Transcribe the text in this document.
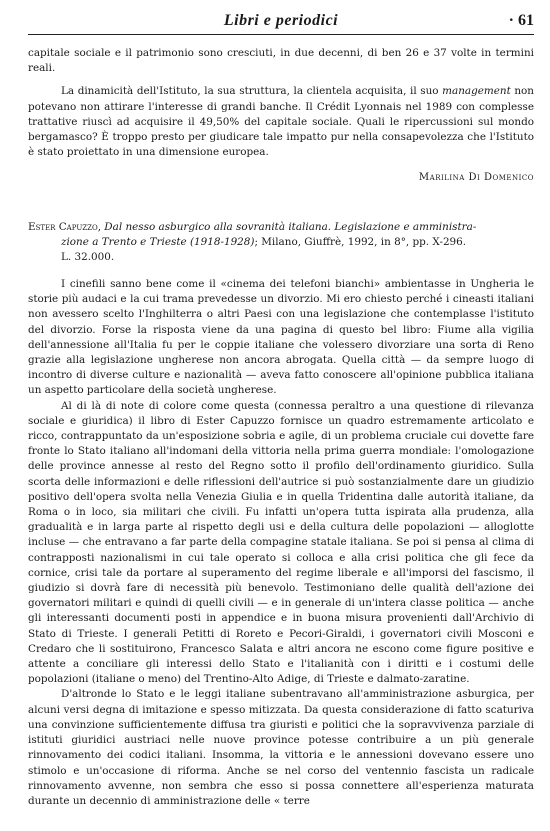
Libri e periodici	· 61

capitale sociale e il patrimonio sono cresciuti, in due decenni, di ben 26 e 37 volte in termini reali.

La dinamicità dell'Istituto, la sua struttura, la clientela acquisita, il suo management non potevano non attirare l'interesse di grandi banche. Il Crédit Lyonnais nel 1989 con complesse trattative riuscì ad acquisire il 49,50% del capitale sociale. Quali le ripercussioni sul mondo bergamasco? È troppo presto per giudicare tale impatto pur nella consapevolezza che l'Istituto è stato proiettato in una dimensione europea.

Marilina Di Domenico

Ester Capuzzo, Dal nesso asburgico alla sovranità italiana. Legislazione e amministra-
zione a Trento e Trieste (1918-1928); Milano, Giuffrè, 1992, in 8°, pp. X-296.
L. 32.000.

I cinefili sanno bene come il «cinema dei telefoni bianchi» ambientasse in Ungheria le storie più audaci e la cui trama prevedesse un divorzio. Mi ero chiesto perché i cineasti italiani non avessero scelto l'Inghilterra o altri Paesi con una legislazione che contemplasse l'istituto del divorzio. Forse la risposta viene da una pagina di questo bel libro: Fiume alla vigilia dell'annessione all'Italia fu per le coppie italiane che volessero divorziare una sorta di Reno grazie alla legislazione ungherese non ancora abrogata. Quella città — da sempre luogo di incontro di diverse culture e nazionalità — aveva fatto conoscere all'opinione pubblica italiana un aspetto particolare della società ungherese.

Al di là di note di colore come questa (connessa peraltro a una questione di rilevanza sociale e giuridica) il libro di Ester Capuzzo fornisce un quadro estremamente articolato e ricco, contrappuntato da un'esposizione sobria e agile, di un problema cruciale cui dovette fare fronte lo Stato italiano all'indomani della vittoria nella prima guerra mondiale: l'omologazione delle province annesse al resto del Regno sotto il profilo dell'ordinamento giuridico. Sulla scorta delle informazioni e delle riflessioni dell'autrice si può sostanzialmente dare un giudizio positivo dell'opera svolta nella Venezia Giulia e in quella Tridentina dalle autorità italiane, da Roma o in loco, sia militari che civili. Fu infatti un'opera tutta ispirata alla prudenza, alla gradualità e in larga parte al rispetto degli usi e della cultura delle popolazioni — alloglotte incluse — che entravano a far parte della compagine statale italiana. Se poi si pensa al clima di contrapposti nazionalismi in cui tale operato si colloca e alla crisi politica che gli fece da cornice, crisi tale da portare al superamento del regime liberale e all'imporsi del fascismo, il giudizio si dovrà fare di necessità più benevolo. Testimoniano delle qualità dell'azione dei governatori militari e quindi di quelli civili — e in generale di un'intera classe politica — anche gli interessanti documenti posti in appendice e in buona misura provenienti dall'Archivio di Stato di Trieste. I generali Petitti di Roreto e Pecori-Giraldi, i governatori civili Mosconi e Credaro che li sostituirono, Francesco Salata e altri ancora ne escono come figure positive e attente a conciliare gli interessi dello Stato e l'italianità con i diritti e i costumi delle popolazioni (italiane o meno) del Trentino-Alto Adige, di Trieste e dalmato-zaratine.

D'altronde lo Stato e le leggi italiane subentravano all'amministrazione asburgica, per alcuni versi degna di imitazione e spesso mitizzata. Da questa considerazione di fatto scaturiva una convinzione sufficientemente diffusa tra giuristi e politici che la sopravvivenza parziale di istituti giuridici austriaci nelle nuove province potesse contribuire a un più generale rinnovamento dei codici italiani. Insomma, la vittoria e le annessioni dovevano essere uno stimolo e un'occasione di riforma. Anche se nel corso del ventennio fascista un radicale rinnovamento avvenne, non sembra che esso si possa connettere all'esperienza maturata durante un decennio di amministrazione delle « terre
